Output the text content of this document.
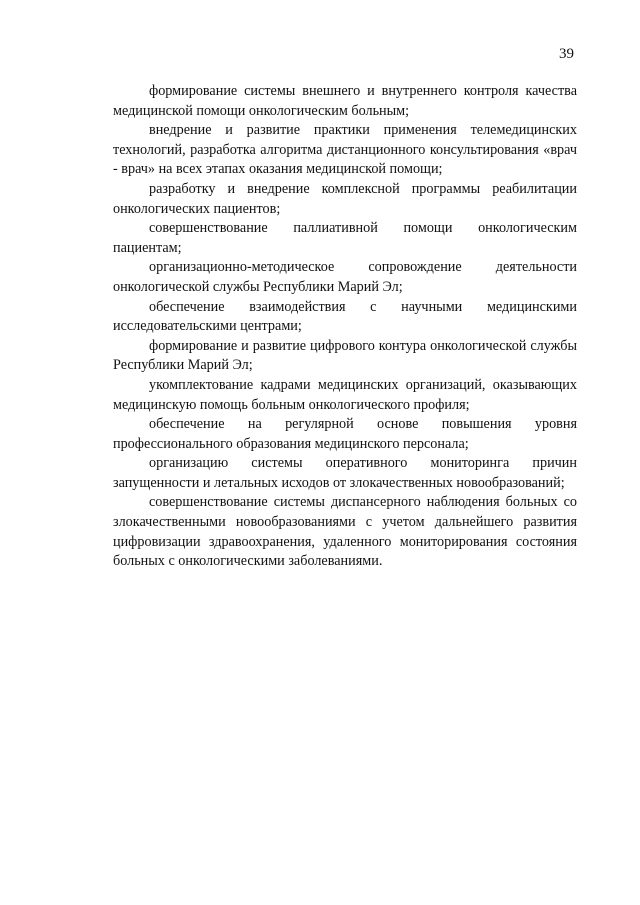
39

формирование системы внешнего и внутреннего контроля качества медицинской помощи онкологическим больным;

внедрение и развитие практики применения телемедицинских технологий, разработка алгоритма дистанционного консультирования «врач - врач» на всех этапах оказания медицинской помощи;

разработку и внедрение комплексной программы реабилитации онкологических пациентов;

совершенствование паллиативной помощи онкологическим пациентам;

организационно-методическое сопровождение деятельности онкологической службы Республики Марий Эл;

обеспечение взаимодействия с научными медицинскими исследовательскими центрами;

формирование и развитие цифрового контура онкологической службы Республики Марий Эл;

укомплектование кадрами медицинских организаций, оказывающих медицинскую помощь больным онкологического профиля;

обеспечение на регулярной основе повышения уровня профессионального образования медицинского персонала;

организацию системы оперативного мониторинга причин запущенности и летальных исходов от злокачественных новообразований;

совершенствование системы диспансерного наблюдения больных со злокачественными новообразованиями с учетом дальнейшего развития цифровизации здравоохранения, удаленного мониторирования состояния больных с онкологическими заболеваниями.
